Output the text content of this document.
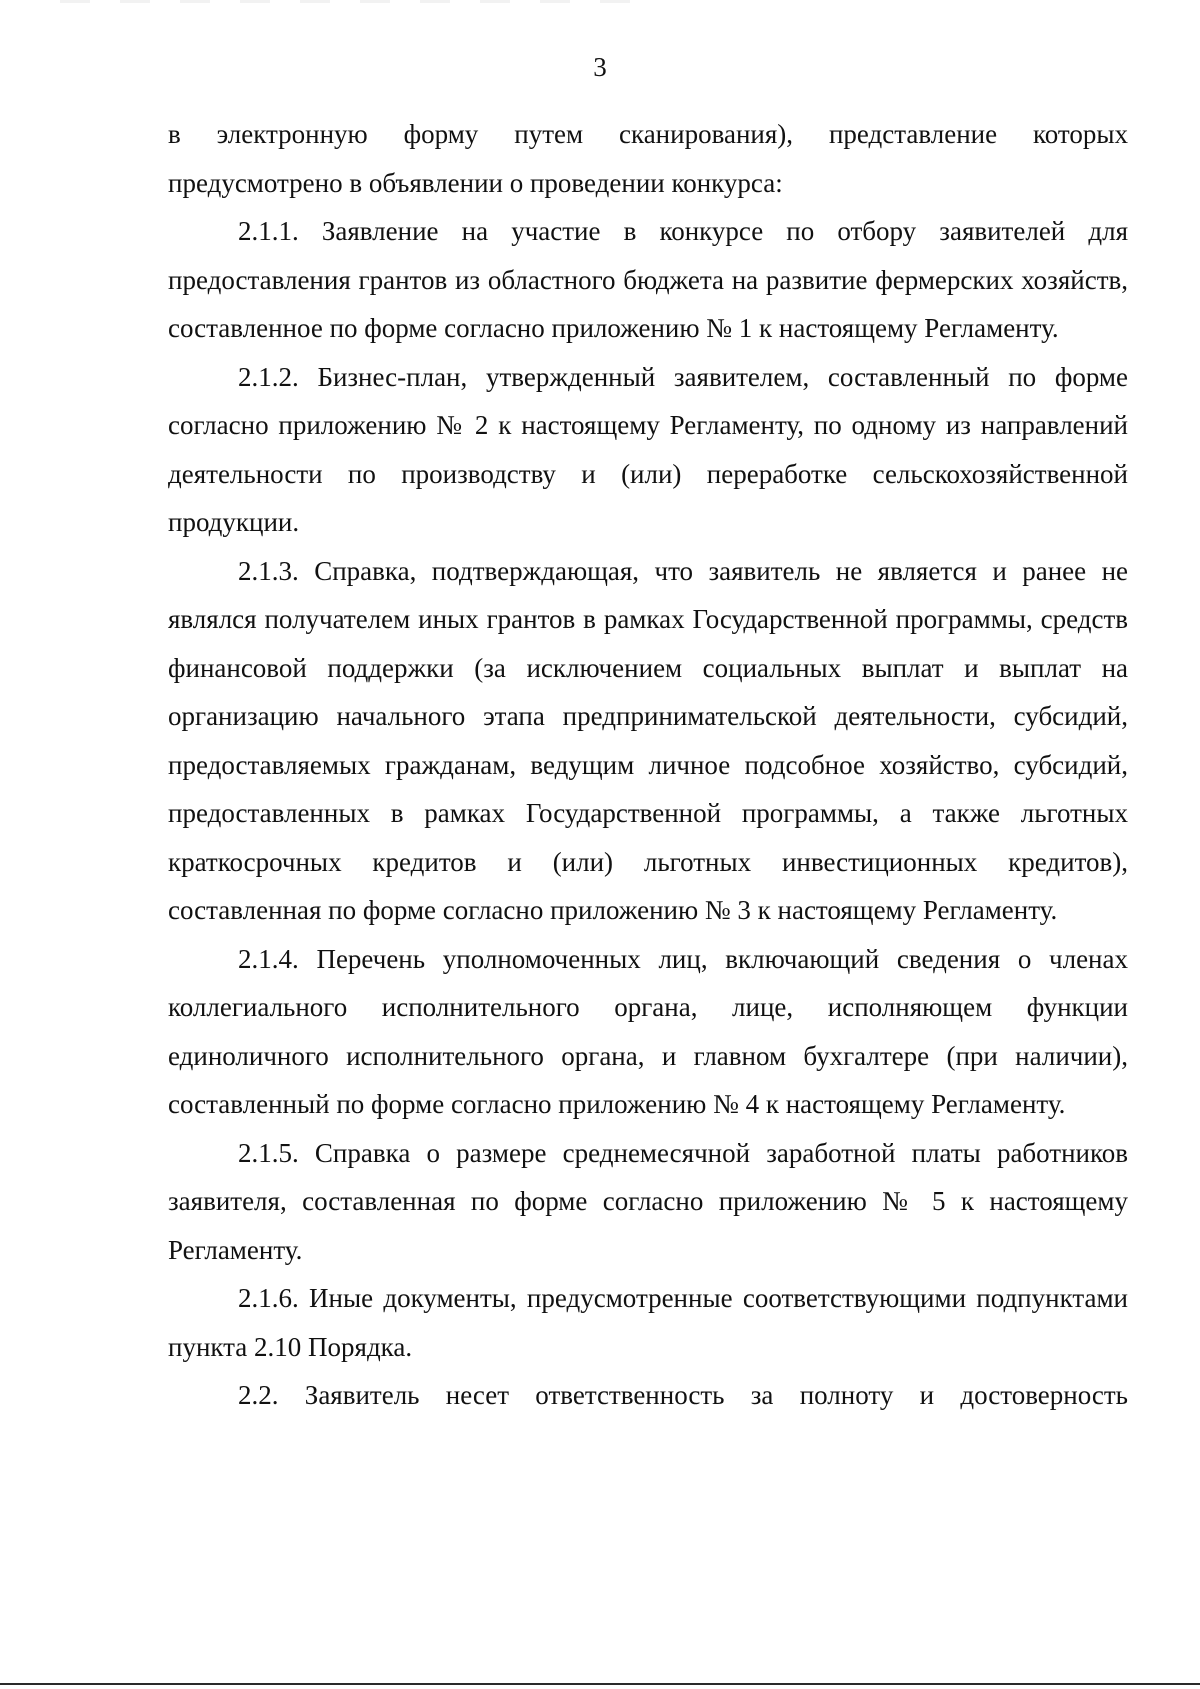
3

в электронную форму путем сканирования), представление которых предусмотрено в объявлении о проведении конкурса:

2.1.1. Заявление на участие в конкурсе по отбору заявителей для предоставления грантов из областного бюджета на развитие фермерских хозяйств, составленное по форме согласно приложению № 1 к настоящему Регламенту.

2.1.2. Бизнес-план, утвержденный заявителем, составленный по форме согласно приложению № 2 к настоящему Регламенту, по одному из направлений деятельности по производству и (или) переработке сельскохозяйственной продукции.

2.1.3. Справка, подтверждающая, что заявитель не является и ранее не являлся получателем иных грантов в рамках Государственной программы, средств финансовой поддержки (за исключением социальных выплат и выплат на организацию начального этапа предпринимательской деятельности, субсидий, предоставляемых гражданам, ведущим личное подсобное хозяйство, субсидий, предоставленных в рамках Государственной программы, а также льготных краткосрочных кредитов и (или) льготных инвестиционных кредитов), составленная по форме согласно приложению № 3 к настоящему Регламенту.

2.1.4. Перечень уполномоченных лиц, включающий сведения о членах коллегиального исполнительного органа, лице, исполняющем функции единоличного исполнительного органа, и главном бухгалтере (при наличии), составленный по форме согласно приложению № 4 к настоящему Регламенту.

2.1.5. Справка о размере среднемесячной заработной платы работников заявителя, составленная по форме согласно приложению № 5 к настоящему Регламенту.

2.1.6. Иные документы, предусмотренные соответствующими подпунктами пункта 2.10 Порядка.

2.2. Заявитель несет ответственность за полноту и достоверность
